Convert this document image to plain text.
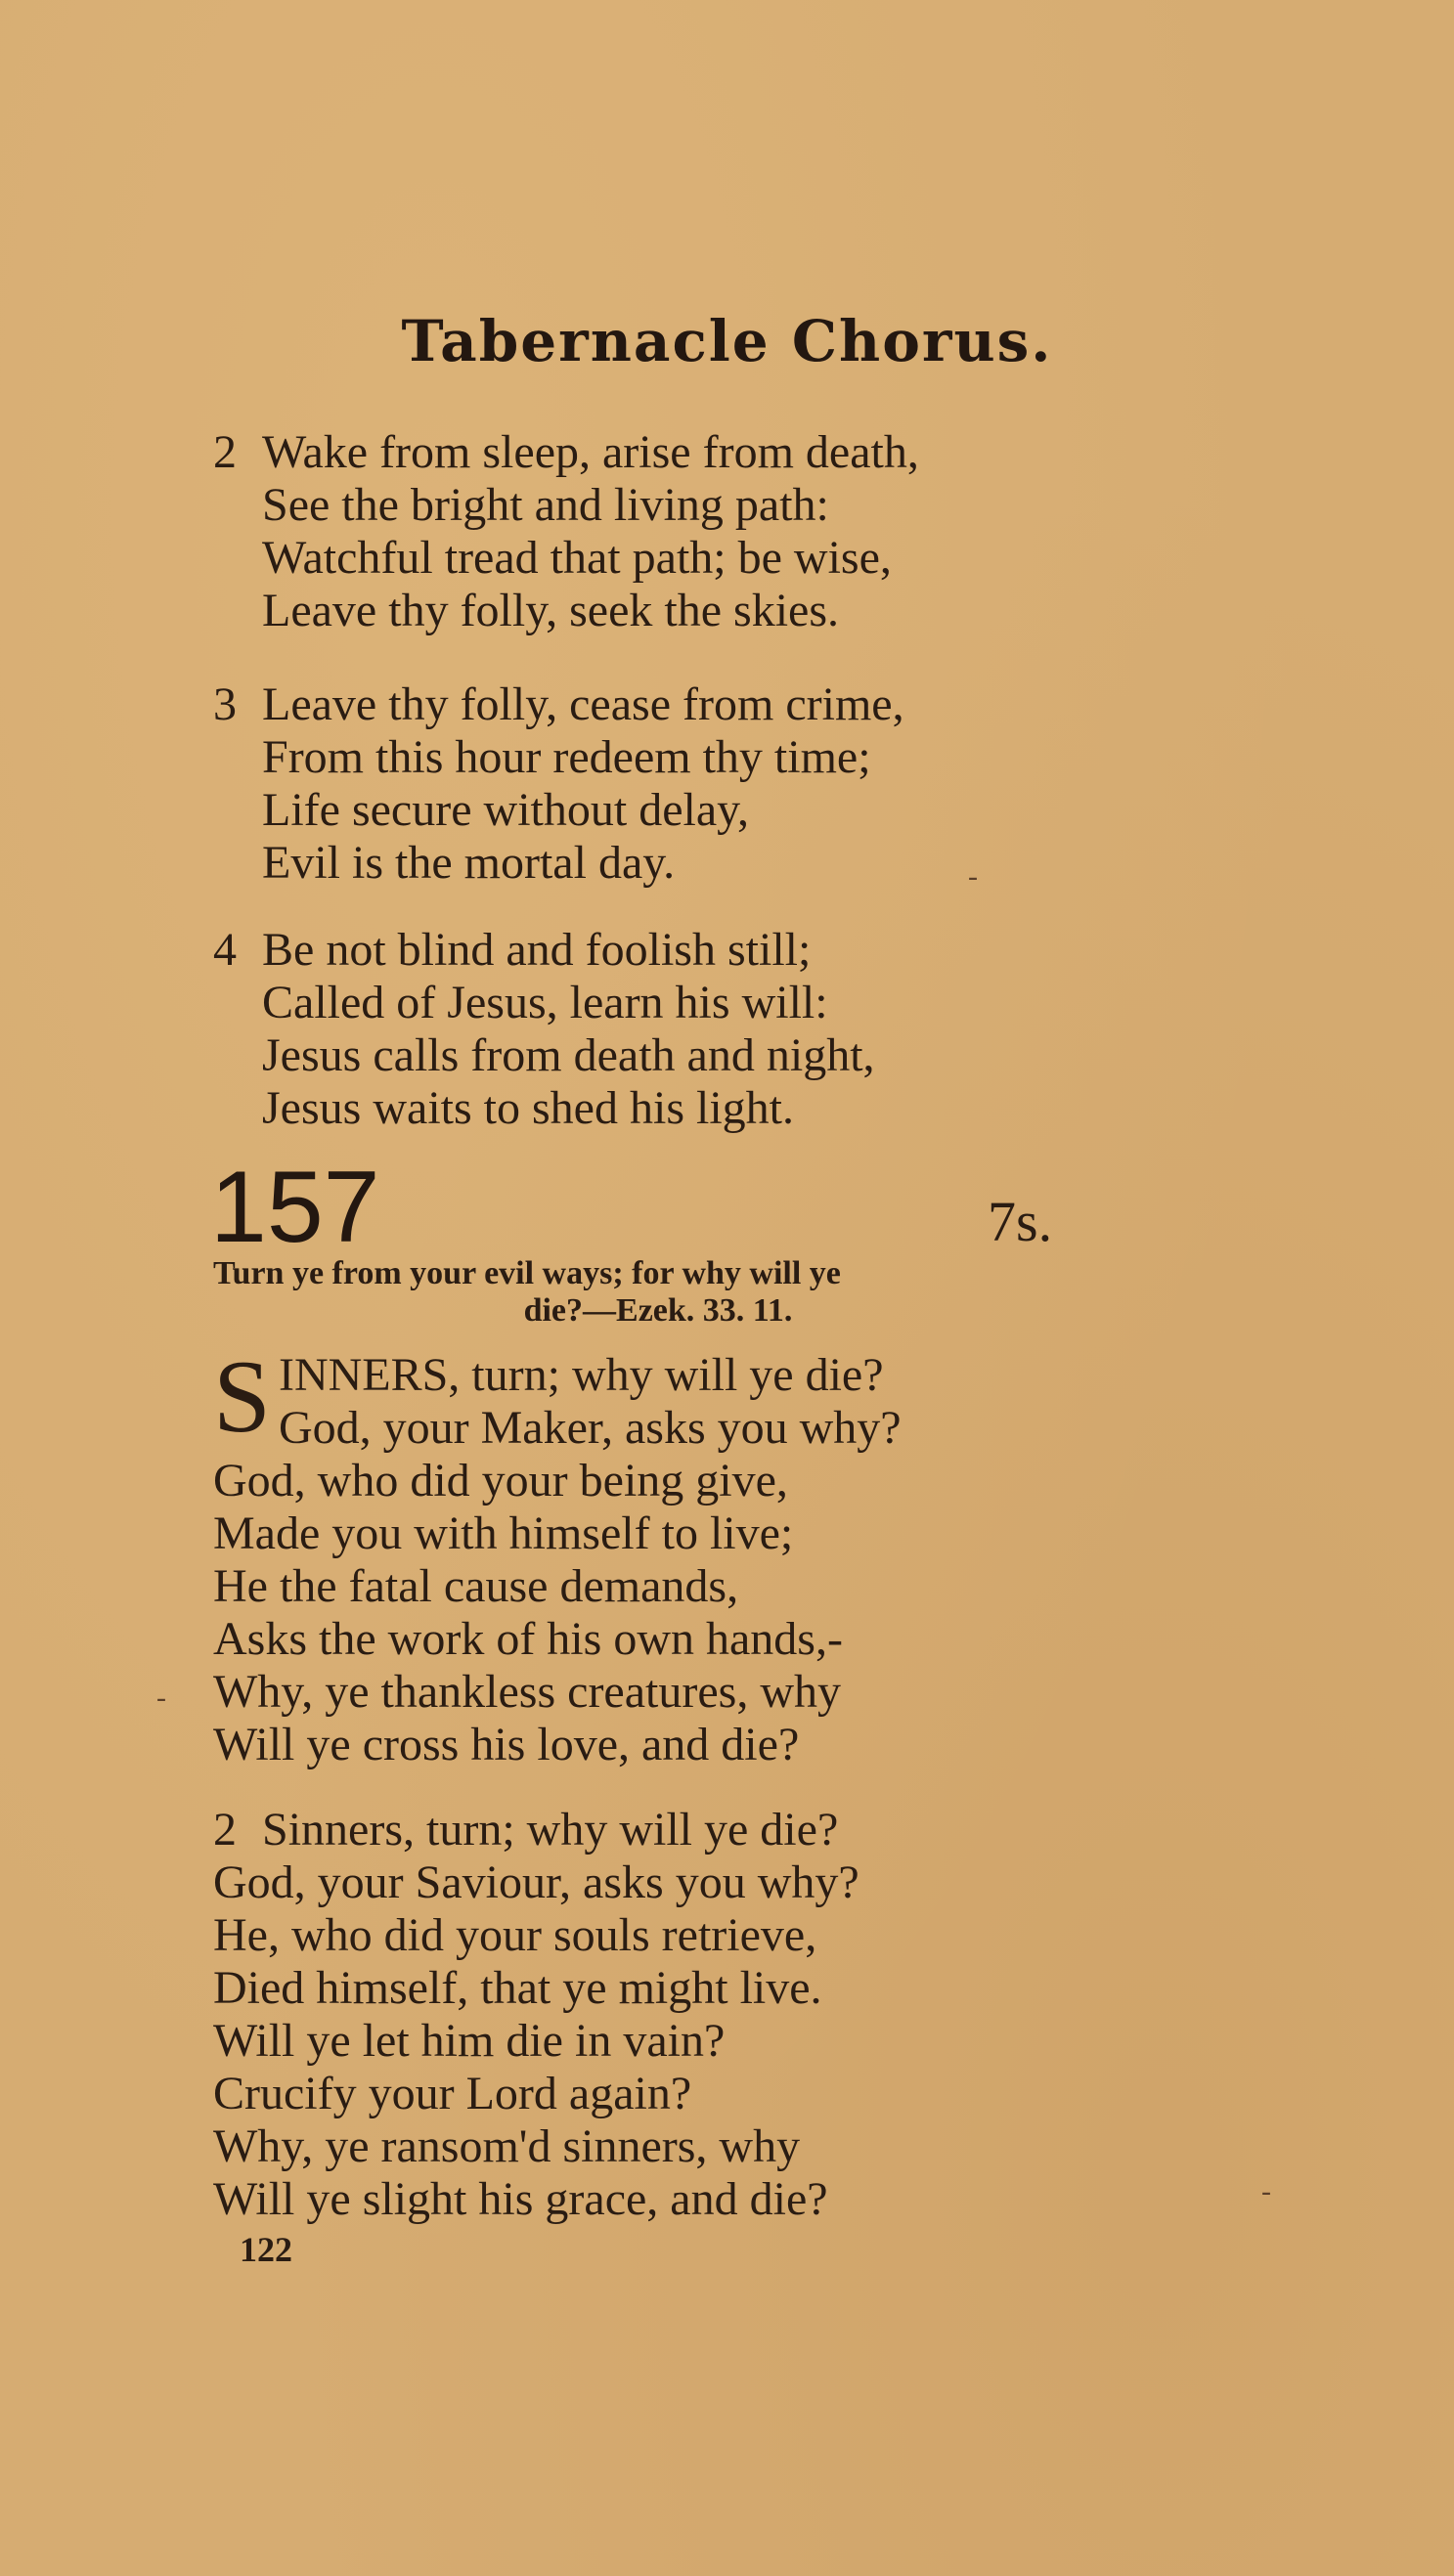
Tabernacle Chorus.
2 Wake from sleep, arise from death,
See the bright and living path:
Watchful tread that path; be wise,
Leave thy folly, seek the skies.
3 Leave thy folly, cease from crime,
From this hour redeem thy time;
Life secure without delay,
Evil is the mortal day.
4 Be not blind and foolish still;
Called of Jesus, learn his will:
Jesus calls from death and night,
Jesus waits to shed his light.
157	7s.
Turn ye from your evil ways; for why will ye
die?—Ezek. 33. 11.
S INNERS, turn; why will ye die?
God, your Maker, asks you why?
God, who did your being give,
Made you with himself to live;
He the fatal cause demands,
Asks the work of his own hands,-
Why, ye thankless creatures, why
Will ye cross his love, and die?
2 Sinners, turn; why will ye die?
God, your Saviour, asks you why?
He, who did your souls retrieve,
Died himself, that ye might live.
Will ye let him die in vain?
Crucify your Lord again?
Why, ye ransom'd sinners, why
Will ye slight his grace, and die?
122
-
-
-
